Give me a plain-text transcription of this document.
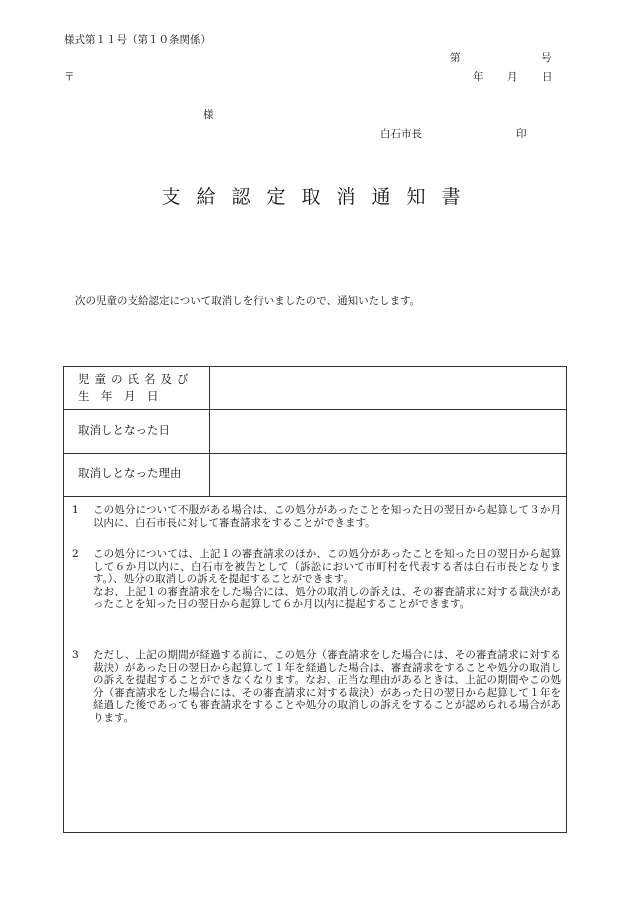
様式第１１号（第１０条関係）
第	号
〒	年 月 日
様
白石市長	印
支給認定取消通知書
次の児童の支給認定について取消しを行いましたので、通知いたします。
児童の氏名及び
生　年　月　日
取消しとなった日
取消しとなった理由
1 この処分について不服がある場合は、この処分があったことを知った日の翌日から起算して３か月以内に、白石市長に対して審査請求をすることができます。

2 この処分については、上記１の審査請求のほか、この処分があったことを知った日の翌日から起算して６か月以内に、白石市を被告として（訴訟において市町村を代表する者は白石市長となります。）、処分の取消しの訴えを提起することができます。

なお、上記１の審査請求をした場合には、処分の取消しの訴えは、その審査請求に対する裁決があったことを知った日の翌日から起算して６か月以内に提起することができます。

3 ただし、上記の期間が経過する前に、この処分（審査請求をした場合には、その審査請求に対する裁決）があった日の翌日から起算して１年を経過した場合は、審査請求をすることや処分の取消しの訴えを提起することができなくなります。なお、正当な理由があるときは、上記の期間やこの処分（審査請求をした場合には、その審査請求に対する裁決）があった日の翌日から起算して１年を経過した後であっても審査請求をすることや処分の取消しの訴えをすることが認められる場合があります。
